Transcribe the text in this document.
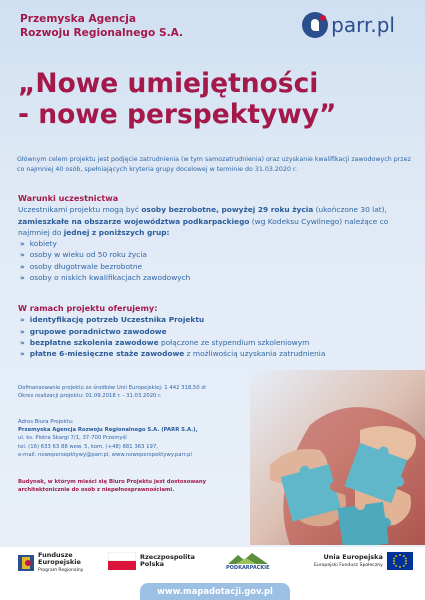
Przemyska Agencja
Rozwoju Regionalnego S.A.	parr.pl
„Nowe umiejętności
- nowe perspektywy”
Głównym celem projektu jest podjęcie zatrudnienia (w tym samozatrudnienia) oraz uzyskanie kwalifikacji zawodowych przez co najmniej 40 osób, spełniających kryteria grupy docelowej w terminie do 31.03.2020 r.
Warunki uczestnictwa
Uczestnikami projektu mogą być osoby bezrobotne, powyżej 29 roku życia (ukończone 30 lat), zamieszkałe na obszarze województwa podkarpackiego (wg Kodeksu Cywilnego) należące co najmniej do jednej z poniższych grup:
» kobiety
» osoby w wieku od 50 roku życia
» osoby długotrwale bezrobotne
» osoby o niskich kwalifikacjach zawodowych
W ramach projektu oferujemy:
» identyfikację potrzeb Uczestnika Projektu
» grupowe poradnictwo zawodowe
» bezpłatne szkolenia zawodowe połączone ze stypendium szkoleniowym
» płatne 6-miesięczne staże zawodowe z możliwością uzyskania zatrudnienia
Dofinansowanie projektu ze środków Unii Europejskiej: 1 442 318,50 zł
Okres realizacji projektu: 01.09.2018 r. - 31.03.2020 r.
Adres Biura Projektu:
Przemyska Agencja Rozwoju Regionalnego S.A. (PARR S.A.),
ul. ks. Piotra Skargi 7/1, 37-700 Przemyśl
tel. (16) 633 63 88 wew. 5, kom. (+48) 881 363 197,
e-mail: nowepersepktywy@parr.pl, www.noweperspektywy.parr.pl
Budynek, w którym mieści się Biuro Projektu jest dostosowany architektonicznie do osób z niepełnosprawnościami.
Fundusze
Europejskie
Program Regionalny
Rzeczpospolita
Polska	PODKARPACKIE
Unia Europejska
Europejski Fundusz Społeczny
www.mapadotacji.gov.pl
